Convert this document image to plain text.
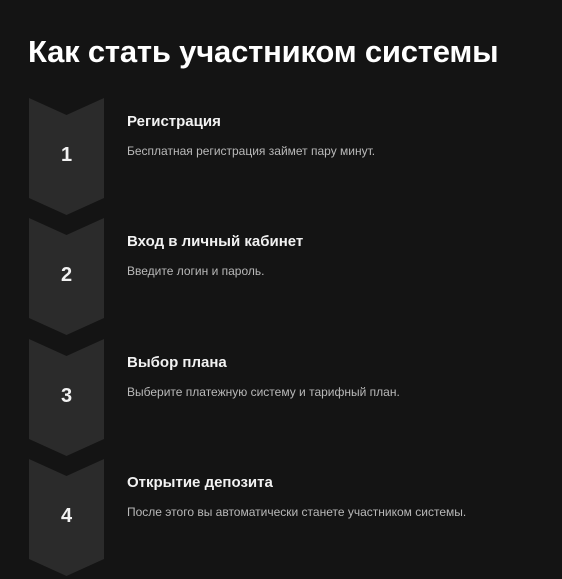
Как стать участником системы
1
Регистрация
Бесплатная регистрация займет пару минут.
2
Вход в личный кабинет
Введите логин и пароль.
3
Выбор плана
Выберите платежную систему и тарифный план.
4
Открытие депозита
После этого вы автоматически станете участником системы.
